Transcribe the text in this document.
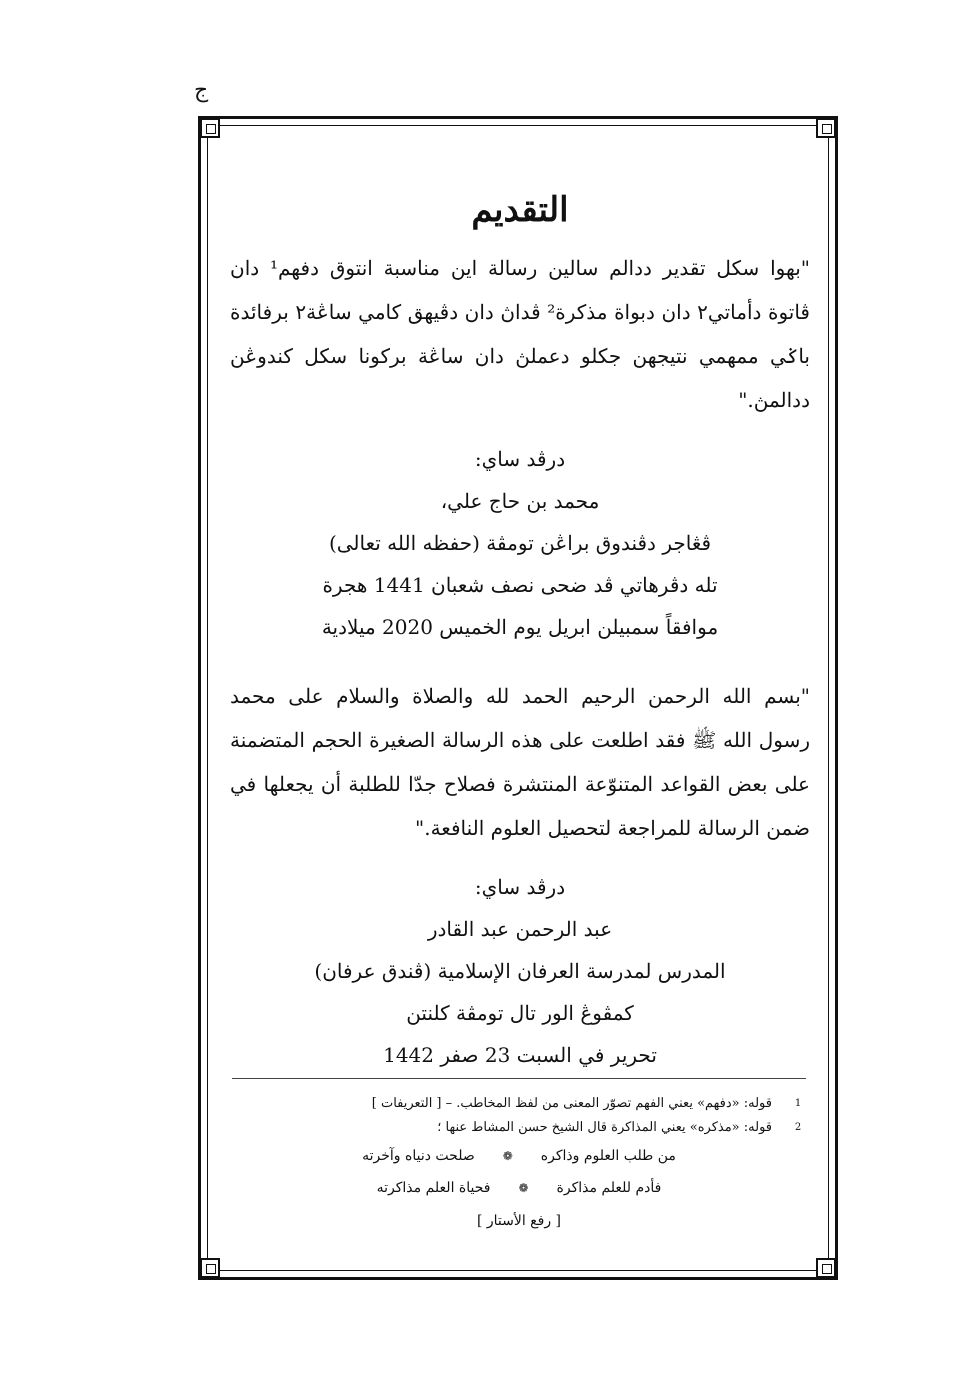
ج
التقديم

"بهوا سكل تقدير ددالم سالين رسالة اين مناسبة انتوق دفهم¹ دان ڤاتوة دأماتي٢ دان دبواة مذكرة² ڤداڽ دان دڤيهق كامي ساڠة٢ برفائدة باݢي ممهمي نتيجهن جكلو دعملڽ دان ساڠة بركونا سكل كندوڠن ددالمڽ."

درڤد ساي:
محمد بن حاج علي،
ڤڠاجر دڤندوق براڠن تومڤة (حفظه الله تعالى)
تله دڤرهاتي ڤد ضحى نصف شعبان 1441 هجرة
موافقاً سمبيلن ابريل يوم الخميس 2020 ميلادية

"بسم الله الرحمن الرحيم الحمد لله والصلاة والسلام على محمد رسول الله ﷺ فقد اطلعت على هذه الرسالة الصغيرة الحجم المتضمنة على بعض القواعد المتنوّعة المنتشرة فصلاح جدّا للطلبة أن يجعلها في ضمن الرسالة للمراجعة لتحصيل العلوم النافعة."

درڤد ساي:
عبد الرحمن عبد القادر
المدرس لمدرسة العرفان الإسلامية (ڤندق عرفان)
كمڤوڠ الور تال تومڤة كلنتن
تحرير في السبت 23 صفر 1442
1
قوله: «دفهم» يعني الفهم تصوّر المعنى من لفظ المخاطب. – [ التعريفات ]
2
قوله: «مذكره» يعني المذاكرة قال الشيخ حسن المشاط عنها ؛
من طلب العلوم وذاكره
❁
صلحت دنياه وآخرته
فأدم للعلم مذاكرة
❁
فحياة العلم مذاكرته
[ رفع الأستار ]
